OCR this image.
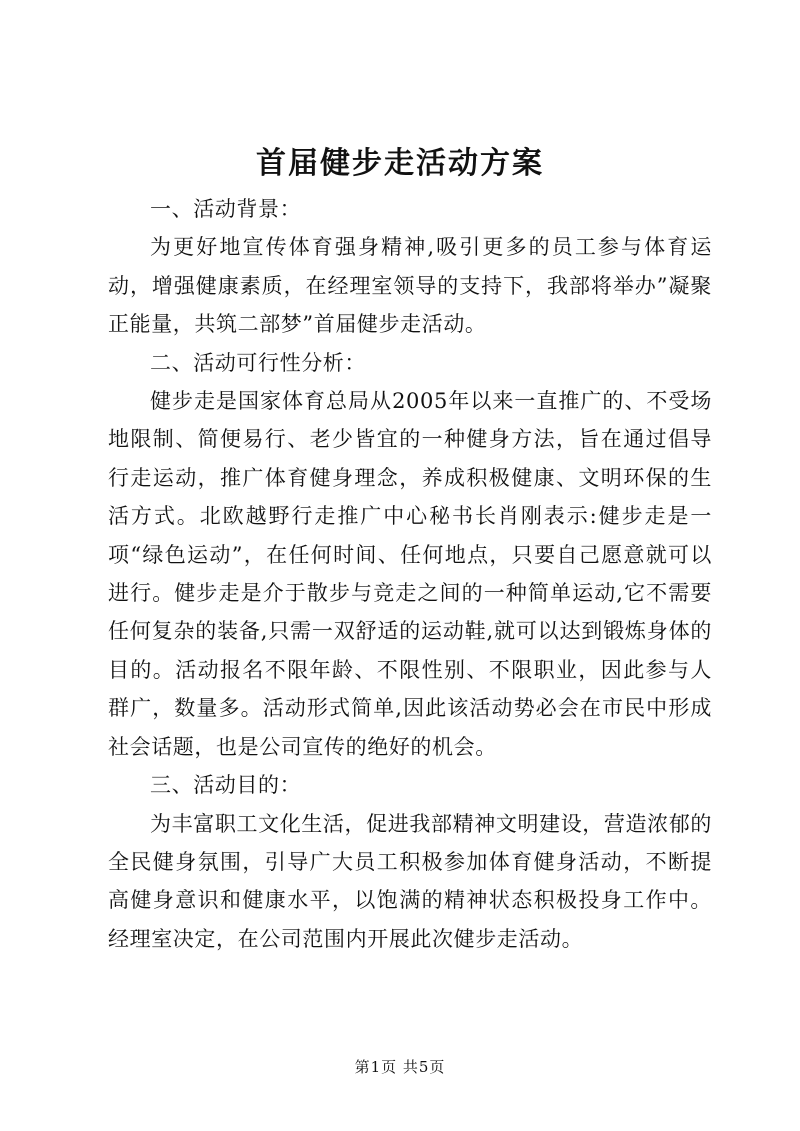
首届健步走活动方案

一、活动背景：

为更好地宣传体育强身精神,吸引更多的员工参与体育运动，增强健康素质，在经理室领导的支持下，我部将举办”凝聚正能量，共筑二部梦”首届健步走活动。

二、活动可行性分析：

健步走是国家体育总局从2005年以来一直推广的、不受场地限制、简便易行、老少皆宜的一种健身方法，旨在通过倡导行走运动，推广体育健身理念，养成积极健康、文明环保的生活方式。北欧越野行走推广中心秘书长肖刚表示:健步走是一项“绿色运动”，在任何时间、任何地点，只要自己愿意就可以进行。健步走是介于散步与竞走之间的一种简单运动,它不需要任何复杂的装备,只需一双舒适的运动鞋,就可以达到锻炼身体的目的。活动报名不限年龄、不限性别、不限职业，因此参与人群广，数量多。活动形式简单,因此该活动势必会在市民中形成社会话题，也是公司宣传的绝好的机会。

三、活动目的：

为丰富职工文化生活，促进我部精神文明建设，营造浓郁的全民健身氛围，引导广大员工积极参加体育健身活动，不断提高健身意识和健康水平，以饱满的精神状态积极投身工作中。经理室决定，在公司范围内开展此次健步走活动。

第1页 共5页
